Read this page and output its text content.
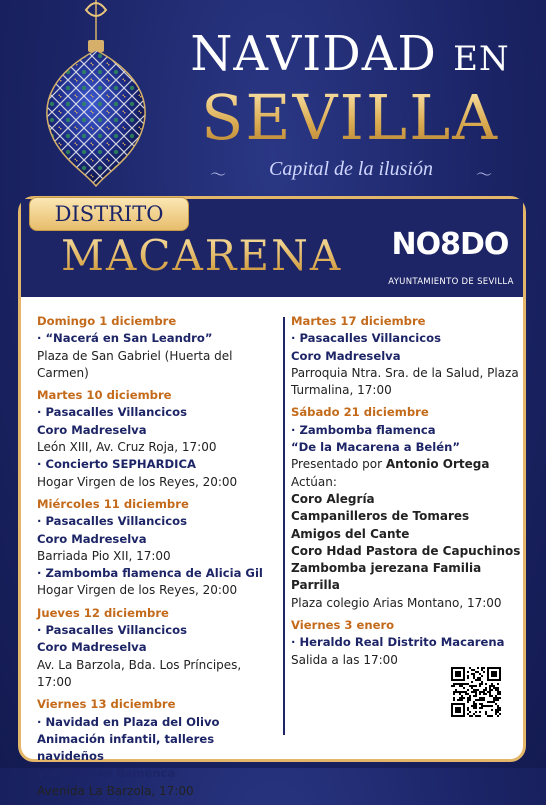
NAVIDAD EN
SEVILLA
〜	Capital de la ilusión	〜
DISTRITO
MACARENA NO8DO
AYUNTAMIENTO DE SEVILLA
Domingo 1 diciembre
· “Nacerá en San Leandro”
Plaza de San Gabriel (Huerta del Carmen)
Martes 10 diciembre
· Pasacalles Villancicos
Coro Madreselva
León XIII, Av. Cruz Roja, 17:00
· Concierto SEPHARDICA
Hogar Virgen de los Reyes, 20:00
Miércoles 11 diciembre
· Pasacalles Villancicos
Coro Madreselva
Barriada Pio XII, 17:00
· Zambomba flamenca de Alicia Gil
Hogar Virgen de los Reyes, 20:00
Jueves 12 diciembre
· Pasacalles Villancicos
Coro Madreselva
Av. La Barzola, Bda. Los Príncipes, 17:00
Viernes 13 diciembre
· Navidad en Plaza del Olivo
Animación infantil, talleres navideños
y actuación flamenca
Avenida La Barzola, 17:00
Martes 17 diciembre
· Pasacalles Villancicos
Coro Madreselva
Parroquia Ntra. Sra. de la Salud, Plaza
Turmalina, 17:00
Sábado 21 diciembre
· Zambomba flamenca
“De la Macarena a Belén”
Presentado por Antonio Ortega
Actúan:
Coro Alegría
Campanilleros de Tomares
Amigos del Cante
Coro Hdad Pastora de Capuchinos
Zambomba jerezana Familia Parrilla
Plaza colegio Arias Montano, 17:00
Viernes 3 enero
· Heraldo Real Distrito Macarena
Salida a las 17:00
